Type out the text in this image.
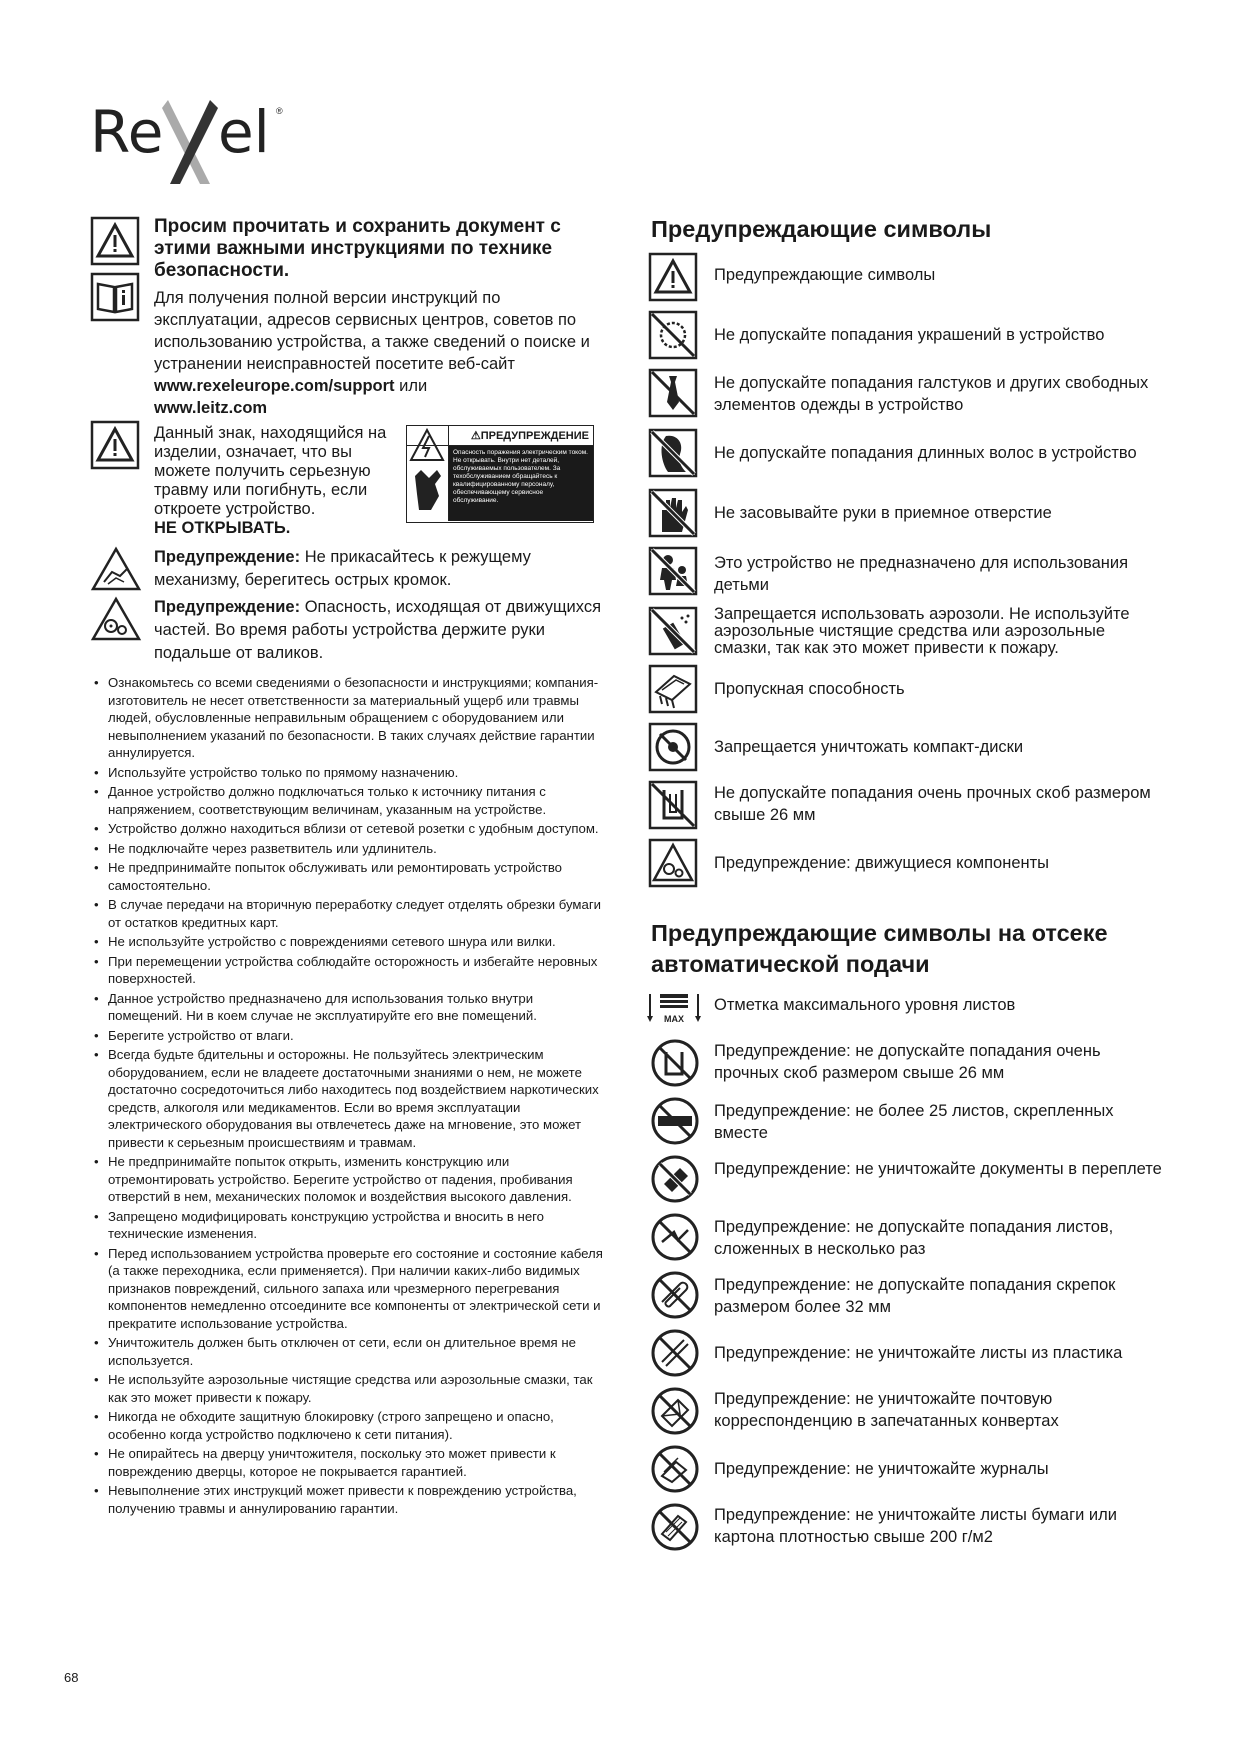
Re el ®
Просим прочитать и сохранить документ с этими важными инструкциями по технике безопасности.
Для получения полной версии инструкций по эксплуатации, адресов сервисных центров, советов по использованию устройства, а также сведений о поиске и устранении неисправностей посетите веб-сайт www.rexeleurope.com/support или
www.leitz.com
Данный знак, находящийся на изделии, означает, что вы можете получить серьезную травму или погибнуть, если откроете устройство.
НЕ ОТКРЫВАТЬ.
⚠ПРЕДУПРЕЖДЕНИЕ
Опасность поражения электрическим током. Не открывать. Внутри нет деталей, обслуживаемых пользователем. За техобслуживанием обращайтесь к квалифицированному персоналу, обеспечивающему сервисное обслуживание.
Предупреждение: Не прикасайтесь к режущему механизму, берегитесь острых кромок.
Предупреждение: Опасность, исходящая от движущихся частей. Во время работы устройства держите руки подальше от валиков.
• Ознакомьтесь со всеми сведениями о безопасности и инструкциями; компания-изготовитель не несет ответственности за материальный ущерб или травмы людей, обусловленные неправильным обращением с оборудованием или невыполнением указаний по безопасности. В таких случаях действие гарантии аннулируется.
• Используйте устройство только по прямому назначению.
• Данное устройство должно подключаться только к источнику питания с напряжением, соответствующим величинам, указанным на устройстве.
• Устройство должно находиться вблизи от сетевой розетки с удобным доступом.
• Не подключайте через разветвитель или удлинитель.
• Не предпринимайте попыток обслуживать или ремонтировать устройство самостоятельно.
• В случае передачи на вторичную переработку следует отделять обрезки бумаги от остатков кредитных карт.
• Не используйте устройство с повреждениями сетевого шнура или вилки.
• При перемещении устройства соблюдайте осторожность и избегайте неровных поверхностей.
• Данное устройство предназначено для использования только внутри помещений. Ни в коем случае не эксплуатируйте его вне помещений.
• Берегите устройство от влаги.
• Всегда будьте бдительны и осторожны. Не пользуйтесь электрическим оборудованием, если не владеете достаточными знаниями о нем, не можете достаточно сосредоточиться либо находитесь под воздействием наркотических средств, алкоголя или медикаментов. Если во время эксплуатации электрического оборудования вы отвлечетесь даже на мгновение, это может привести к серьезным происшествиям и травмам.
• Не предпринимайте попыток открыть, изменить конструкцию или отремонтировать устройство. Берегите устройство от падения, пробивания отверстий в нем, механических поломок и воздействия высокого давления.
• Запрещено модифицировать конструкцию устройства и вносить в него технические изменения.
• Перед использованием устройства проверьте его состояние и состояние кабеля (а также переходника, если применяется). При наличии каких-либо видимых признаков повреждений, сильного запаха или чрезмерного перегревания компонентов немедленно отсоедините все компоненты от электрической сети и прекратите использование устройства.
• Уничтожитель должен быть отключен от сети, если он длительное время не используется.
• Не используйте аэрозольные чистящие средства или аэрозольные смазки, так как это может привести к пожару.
• Никогда не обходите защитную блокировку (строго запрещено и опасно, особенно когда устройство подключено к сети питания).
• Не опирайтесь на дверцу уничтожителя, поскольку это может привести к повреждению дверцы, которое не покрывается гарантией.
• Невыполнение этих инструкций может привести к повреждению устройства, получению травмы и аннулированию гарантии.
68
Предупреждающие символы
Предупреждающие символы
Не допускайте попадания украшений в устройство
Не допускайте попадания галстуков и других свободных элементов одежды в устройство
Не допускайте попадания длинных волос в устройство
Не засовывайте руки в приемное отверстие
Это устройство не предназначено для использования детьми
Запрещается использовать аэрозоли. Не используйте аэрозольные чистящие средства или аэрозольные смазки, так как это может привести к пожару.
Пропускная способность
Запрещается уничтожать компакт-диски
Не допускайте попадания очень прочных скоб размером свыше 26 мм
Предупреждение: движущиеся компоненты
Предупреждающие символы на отсеке автоматической подачи
MAX
Отметка максимального уровня листов
Предупреждение: не допускайте попадания очень прочных скоб размером свыше 26 мм
Предупреждение: не более 25 листов, скрепленных вместе
Предупреждение: не уничтожайте документы в переплете
Предупреждение: не допускайте попадания листов, сложенных в несколько раз
Предупреждение: не допускайте попадания скрепок размером более 32 мм
Предупреждение: не уничтожайте листы из пластика
Предупреждение: не уничтожайте почтовую корреспонденцию в запечатанных конвертах
Предупреждение: не уничтожайте журналы
Предупреждение: не уничтожайте листы бумаги или картона плотностью свыше 200 г/м2
